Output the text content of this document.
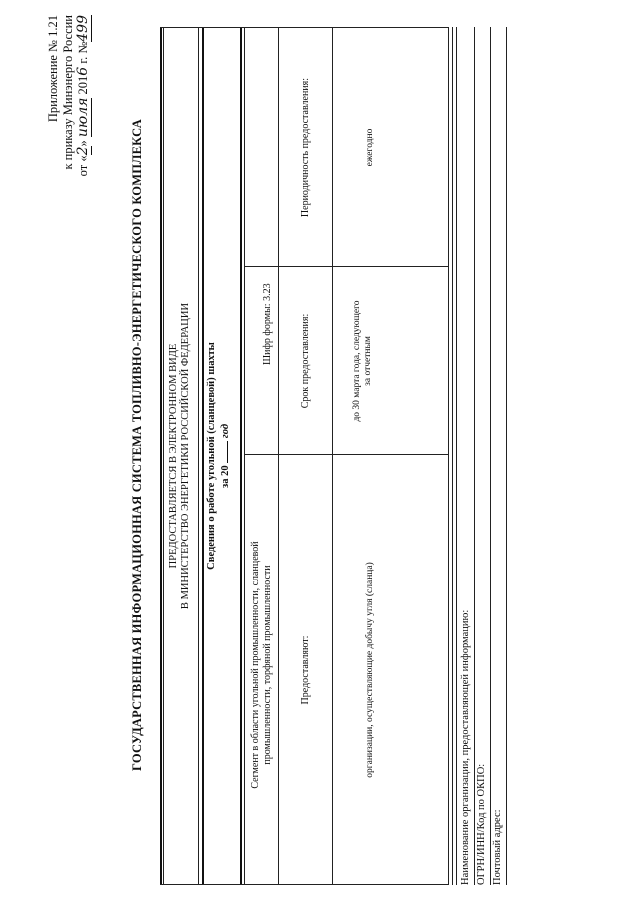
Приложение № 1.21 к приказу Минэнерго России от «2» июля 2016 г. №499
ГОСУДАРСТВЕННАЯ ИНФОРМАЦИОННАЯ СИСТЕМА ТОПЛИВНО-ЭНЕРГЕТИЧЕСКОГО КОМПЛЕКСА ПРЕДОСТАВЛЯЕТСЯ В ЭЛЕКТРОННОМ ВИДЕ В МИНИСТЕРСТВО ЭНЕРГЕТИКИ РОССИЙСКОЙ ФЕДЕРАЦИИ Сведения о работе угольной (сланцевой) шахты за 20  год
Сегмент в области угольной промышленности, сланцевой промышленности, торфяной промышленности
Шифр формы: 3.23
Предоставляют:
Срок предоставления:
Периодичность предоставления:
организации, осуществляющие добычу угля (сланца)
до 30 марта года, следующего за отчетным
ежегодно
Наименование организации, предоставляющей информацию: ОГРН/ИНН/Код по ОКПО: Почтовый адрес:
